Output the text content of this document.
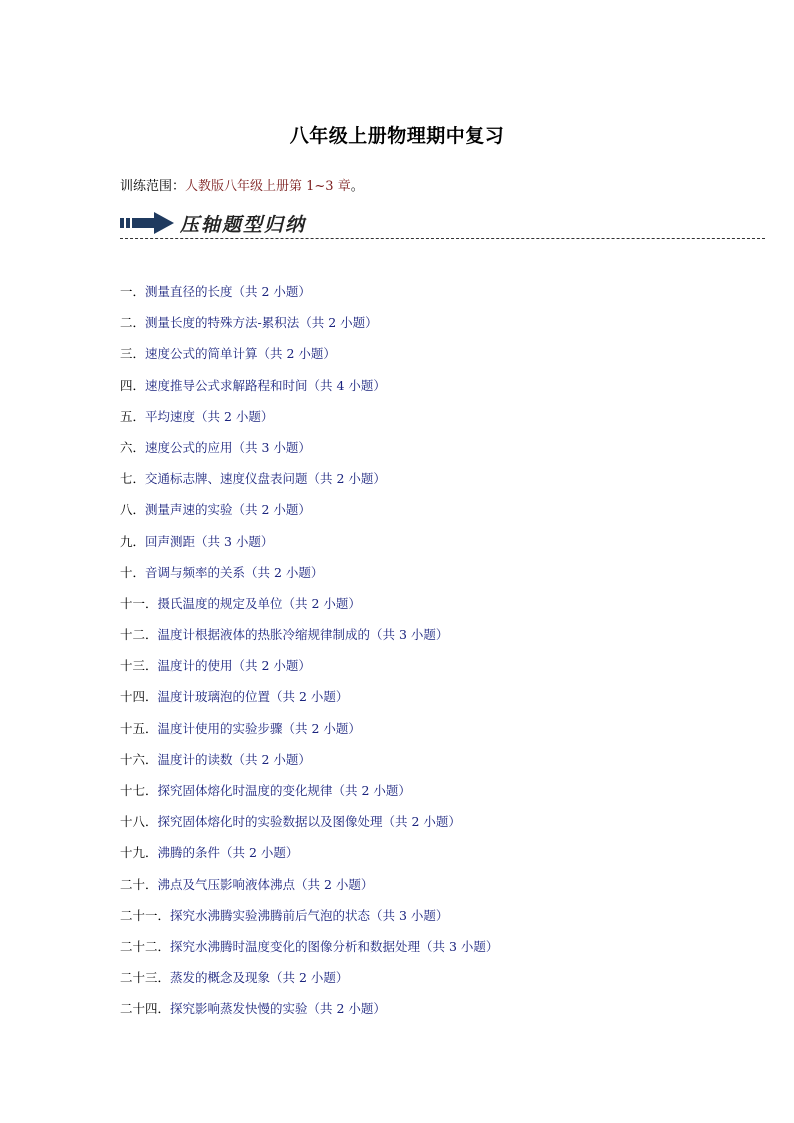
八年级上册物理期中复习
训练范围：人教版八年级上册第 1~3 章。
压轴题型归纳
一．测量直径的长度（共 2 小题）
二．测量长度的特殊方法-累积法（共 2 小题）
三．速度公式的简单计算（共 2 小题）
四．速度推导公式求解路程和时间（共 4 小题）
五．平均速度（共 2 小题）
六．速度公式的应用（共 3 小题）
七．交通标志牌、速度仪盘表问题（共 2 小题）
八．测量声速的实验（共 2 小题）
九．回声测距（共 3 小题）
十．音调与频率的关系（共 2 小题）
十一．摄氏温度的规定及单位（共 2 小题）
十二．温度计根据液体的热胀冷缩规律制成的（共 3 小题）
十三．温度计的使用（共 2 小题）
十四．温度计玻璃泡的位置（共 2 小题）
十五．温度计使用的实验步骤（共 2 小题）
十六．温度计的读数（共 2 小题）
十七．探究固体熔化时温度的变化规律（共 2 小题）
十八．探究固体熔化时的实验数据以及图像处理（共 2 小题）
十九．沸腾的条件（共 2 小题）
二十．沸点及气压影响液体沸点（共 2 小题）
二十一．探究水沸腾实验沸腾前后气泡的状态（共 3 小题）
二十二．探究水沸腾时温度变化的图像分析和数据处理（共 3 小题）
二十三．蒸发的概念及现象（共 2 小题）
二十四．探究影响蒸发快慢的实验（共 2 小题）
